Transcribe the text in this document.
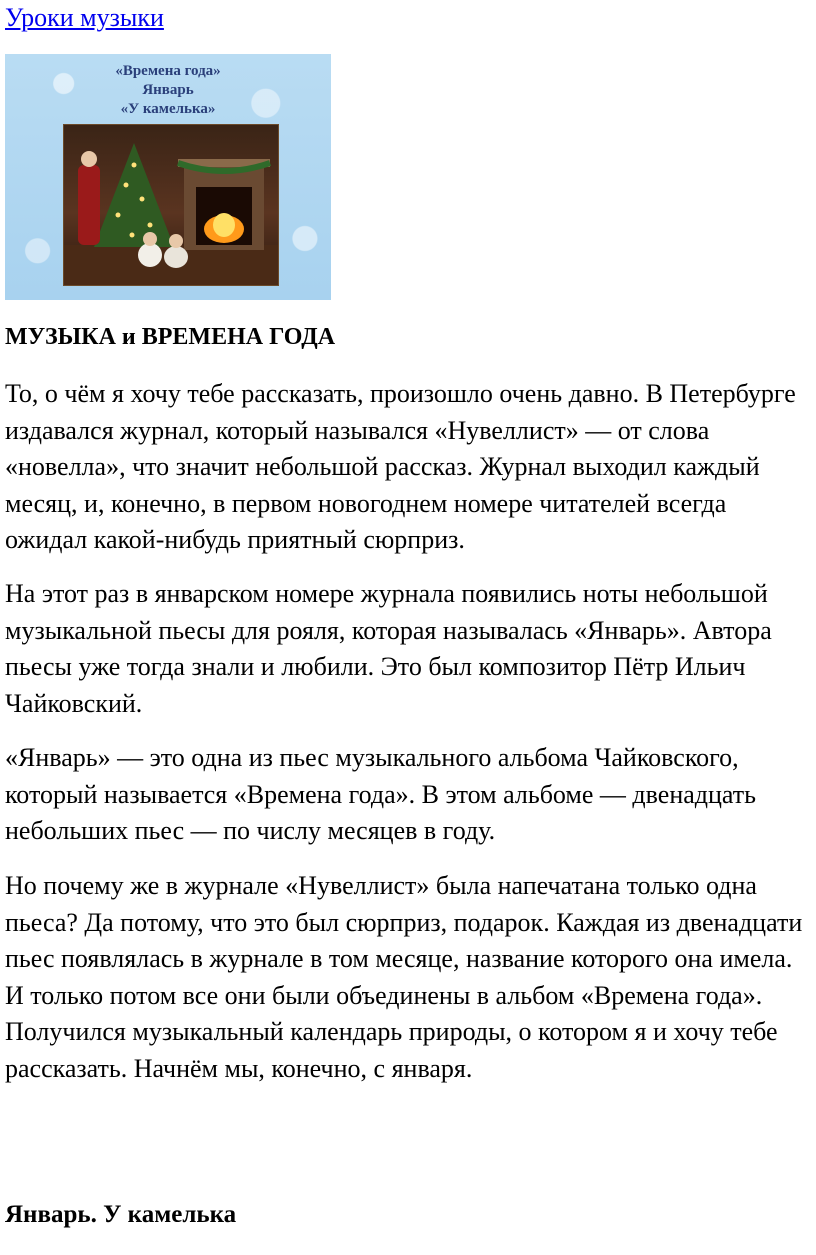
Уроки музыки
«Времена года»
Январь
«У камелька»
МУЗЫКА и ВРЕМЕНА ГОДА

То, о чём я хочу тебе рассказать, произошло очень давно. В Петербурге издавался журнал, который назывался «Нувеллист» — от слова «новелла», что значит небольшой рассказ. Журнал выходил каждый месяц, и, конечно, в первом новогоднем номере читателей всегда ожидал какой-нибудь приятный сюрприз.

На этот раз в январском номере журнала появились ноты небольшой музыкальной пьесы для рояля, которая называлась «Январь». Автора пьесы уже тогда знали и любили. Это был композитор Пётр Ильич Чайковский.

«Январь» — это одна из пьес музыкального альбома Чайковского, который называется «Времена года». В этом альбоме — двенадцать небольших пьес — по числу месяцев в году.

Но почему же в журнале «Нувеллист» была напечатана только одна пьеса? Да потому, что это был сюрприз, подарок. Каждая из двенадцати пьес появлялась в журнале в том месяце, название которого она имела. И только потом все они были объединены в альбом «Времена года». Получился музыкальный календарь природы, о котором я и хочу тебе рассказать. Начнём мы, конечно, с января.

Январь. У камелька
